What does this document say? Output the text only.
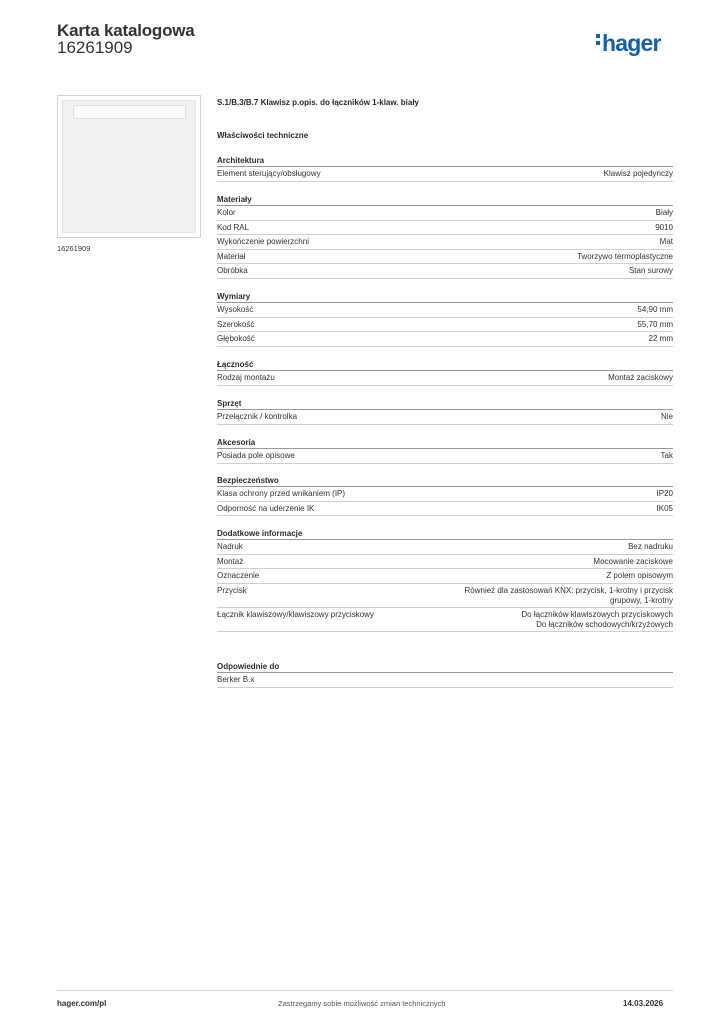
Karta katalogowa
16261909	hager
16261909
S.1/B.3/B.7 Klawisz p.opis. do łączników 1-klaw. biały
Właściwości techniczne
Architektura
Element sterujący/obsługowy	Klawisz pojedynczy
Materiały
Kolor	Biały
Kod RAL	9010
Wykończenie powierzchni	Mat
Materiał	Tworzywo termoplastyczne
Obróbka	Stan surowy
Wymiary
Wysokość	54,90 mm
Szerokość	55,70 mm
Głębokość	22 mm
Łączność
Rodzaj montażu	Montaż zaciskowy
Sprzęt
Przełącznik / kontrolka	Nie
Akcesoria
Posiada pole opisowe	Tak
Bezpieczeństwo
Klasa ochrony przed wnikaniem (IP)	IP20
Odporność na uderzenie IK	IK05
Dodatkowe informacje
Nadruk	Bez nadruku
Montaż	Mocowanie zaciskowe
Oznaczenie	Z polem opisowym
Przycisk	Również dla zastosowań KNX: przycisk, 1-krotny i przycisk
grupowy, 1-krotny
Łącznik klawiszowy/klawiszowy przyciskowy	Do łączników klawiszowych przyciskowych
Do łączników schodowych/krzyżowych
Odpowiednie do
Berker B.x
hager.com/pl	Zastrzegamy sobie możliwość zmian technicznych	14.03.2026
